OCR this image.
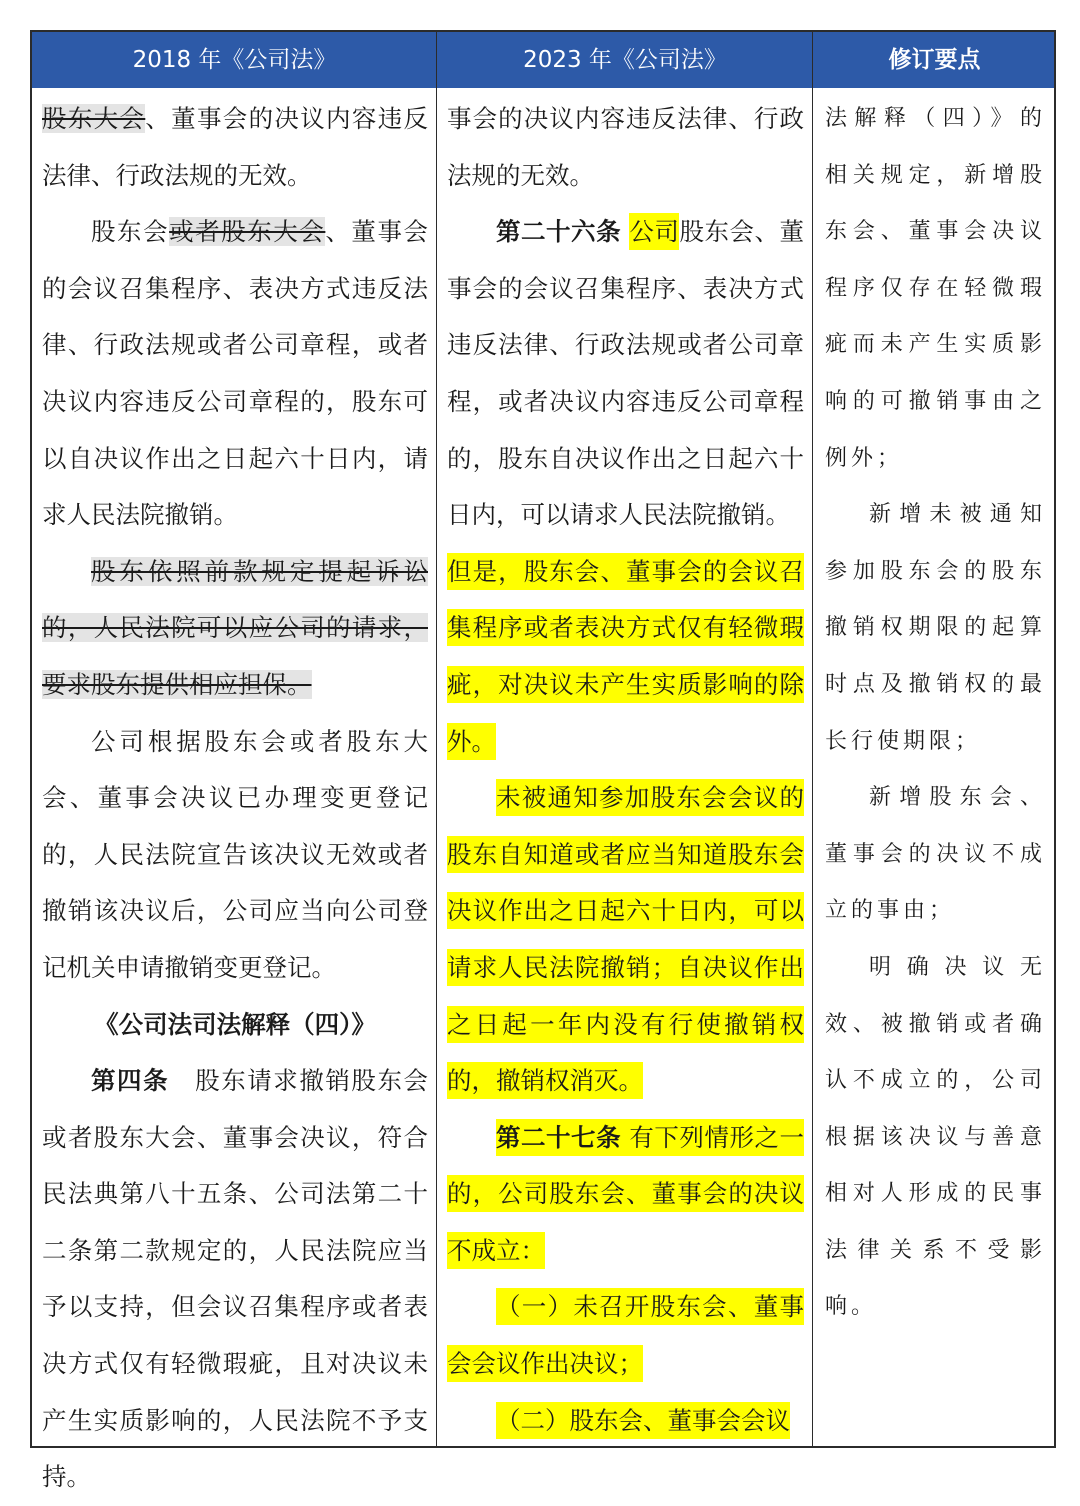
2018 年《公司法》	2023 年《公司法》	修订要点

股东大会、董事会的决议内容违反法律、行政法规的无效。

股东会或者股东大会、董事会的会议召集程序、表决方式违反法律、行政法规或者公司章程，或者决议内容违反公司章程的，股东可以自决议作出之日起六十日内，请求人民法院撤销。

股东依照前款规定提起诉讼的，人民法院可以应公司的请求，要求股东提供相应担保。

公司根据股东会或者股东大会、董事会决议已办理变更登记的，人民法院宣告该决议无效或者撤销该决议后，公司应当向公司登记机关申请撤销变更登记。

《公司法司法解释（四）》

第四条　股东请求撤销股东会或者股东大会、董事会决议，符合民法典第八十五条、公司法第二十二条第二款规定的，人民法院应当予以支持，但会议召集程序或者表决方式仅有轻微瑕疵，且对决议未产生实质影响的，人民法院不予支持。

事会的决议内容违反法律、行政法规的无效。

第二十六条 公司股东会、董事会的会议召集程序、表决方式违反法律、行政法规或者公司章程，或者决议内容违反公司章程的，股东自决议作出之日起六十日内，可以请求人民法院撤销。

但是，股东会、董事会的会议召集程序或者表决方式仅有轻微瑕疵，对决议未产生实质影响的除外。

未被通知参加股东会会议的股东自知道或者应当知道股东会决议作出之日起六十日内，可以请求人民法院撤销；自决议作出之日起一年内没有行使撤销权的，撤销权消灭。

第二十七条 有下列情形之一的，公司股东会、董事会的决议不成立：

（一）未召开股东会、董事会会议作出决议；

（二）股东会、董事会会议

法解释（四）》的相关规定，新增股东会、董事会决议程序仅存在轻微瑕疵而未产生实质影响的可撤销事由之例外；

新增未被通知参加股东会的股东撤销权期限的起算时点及撤销权的最长行使期限；

新增股东会、董事会的决议不成立的事由；

明确决议无效、被撤销或者确认不成立的，公司根据该决议与善意相对人形成的民事法律关系不受影响。
